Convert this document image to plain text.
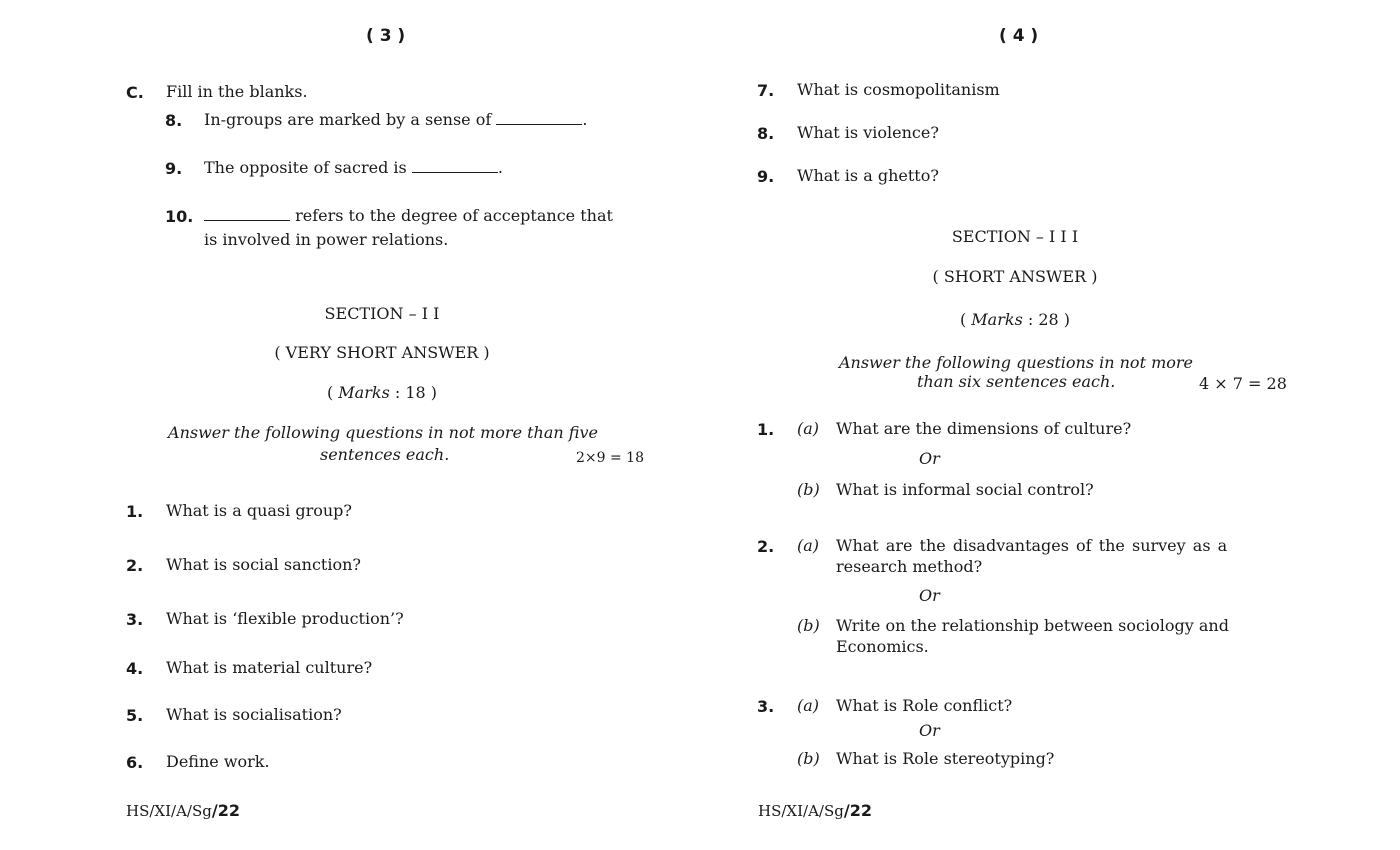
( 3 )
C. Fill in the blanks.
8. In-groups are marked by a sense of	.
9. The opposite of sacred is	.
10.	refers to the degree of acceptance that
is involved in power relations.
SECTION – I I
( VERY SHORT ANSWER )
( Marks : 18 )
Answer the following questions in not more than five
sentences each.	2×9 = 18
1. What is a quasi group?
2. What is social sanction?
3. What is ‘flexible production’?
4. What is material culture?
5. What is socialisation?
6. Define work.
HS/XI/A/Sg/22
( 4 )
7. What is cosmopolitanism
8. What is violence?
9. What is a ghetto?
SECTION – I I I
( SHORT ANSWER )
( Marks : 28 )
Answer the following questions in not more
than six sentences each.	4 × 7 = 28
1. (a) What are the dimensions of culture?
Or
(b) What is informal social control?
2. (a) What are the disadvantages of the survey as a
research method?
Or
(b) Write on the relationship between sociology and
Economics.
3. (a) What is Role conflict?
Or
(b) What is Role stereotyping?
HS/XI/A/Sg/22
